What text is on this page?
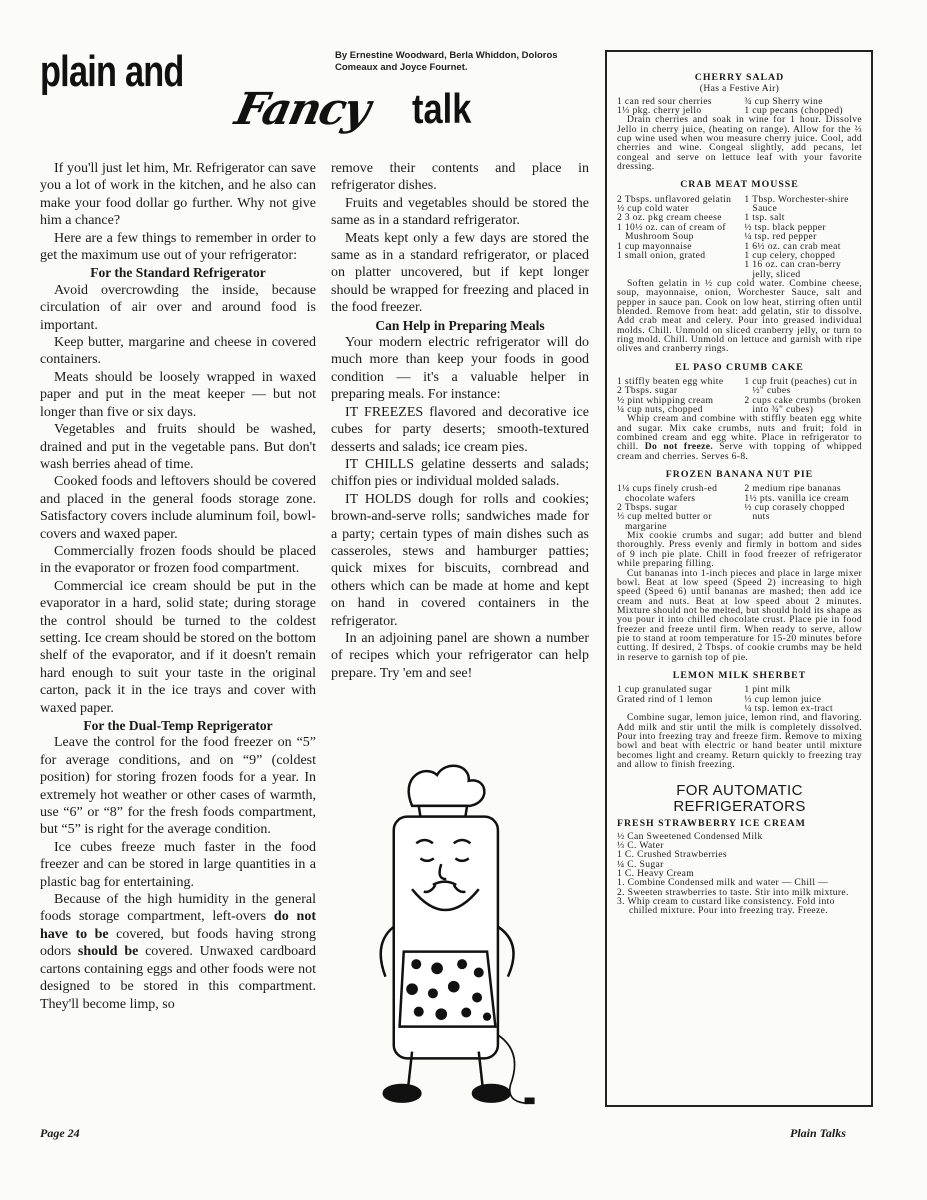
plain and
Fancy talk
By Ernestine Woodward, Berla Whiddon, Doloros Comeaux and Joyce Fournet.

If you'll just let him, Mr. Refrigerator can save you a lot of work in the kitchen, and he also can make your food dollar go further. Why not give him a chance?

Here are a few things to remember in order to get the maximum use out of your refrigerator:

For the Standard Refrigerator

Avoid overcrowding the inside, because circulation of air over and around food is important.

Keep butter, margarine and cheese in covered containers.

Meats should be loosely wrapped in waxed paper and put in the meat keeper — but not longer than five or six days.

Vegetables and fruits should be washed, drained and put in the vegetable pans. But don't wash berries ahead of time.

Cooked foods and leftovers should be covered and placed in the general foods storage zone. Satisfactory covers include aluminum foil, bowl-covers and waxed paper.

Commercially frozen foods should be placed in the evaporator or frozen food compartment.

Commercial ice cream should be put in the evaporator in a hard, solid state; during storage the control should be turned to the coldest setting. Ice cream should be stored on the bottom shelf of the evaporator, and if it doesn't remain hard enough to suit your taste in the original carton, pack it in the ice trays and cover with waxed paper.

For the Dual-Temp Reprigerator

Leave the control for the food freezer on “5” for average conditions, and on “9” (coldest position) for storing frozen foods for a year. In extremely hot weather or other cases of warmth, use “6” or “8” for the fresh foods compartment, but “5” is right for the average condition.

Ice cubes freeze much faster in the food freezer and can be stored in large quantities in a plastic bag for entertaining.

Because of the high humidity in the general foods storage compartment, left-overs do not have to be covered, but foods having strong odors should be covered. Unwaxed cardboard cartons containing eggs and other foods were not designed to be stored in this compartment. They'll become limp, so

remove their contents and place in refrigerator dishes.

Fruits and vegetables should be stored the same as in a standard refrigerator.

Meats kept only a few days are stored the same as in a standard refrigerator, or placed on platter uncovered, but if kept longer should be wrapped for freezing and placed in the food freezer.

Can Help in Preparing Meals

Your modern electric refrigerator will do much more than keep your foods in good condition — it's a valuable helper in preparing meals. For instance:

IT FREEZES flavored and decorative ice cubes for party deserts; smooth-textured desserts and salads; ice cream pies.

IT CHILLS gelatine desserts and salads; chiffon pies or individual molded salads.

IT HOLDS dough for rolls and cookies; brown-and-serve rolls; sandwiches made for a party; certain types of main dishes such as casseroles, stews and hamburger patties; quick mixes for biscuits, cornbread and others which can be made at home and kept on hand in covered containers in the refrigerator.

In an adjoining panel are shown a number of recipes which your refrigerator can help prepare. Try 'em and see!

CHERRY SALAD
(Has a Festive Air)
1 can red sour cherries
1⅓ pkg. cherry jello
¾ cup Sherry wine
1 cup pecans (chopped)

Drain cherries and soak in wine for 1 hour. Dissolve Jello in cherry juice, (heating on range). Allow for the ⅔ cup wine used when wou measure cherry juice. Cool, add cherries and wine. Congeal slightly, add pecans, let congeal and serve on lettuce leaf with your favorite dressing.

CRAB MEAT MOUSSE
2 Tbsps. unflavored gelatin
½ cup cold water
2 3 oz. pkg cream cheese
1 10½ oz. can of cream of Mushroom Soup
1 cup mayonnaise
1 small onion, grated
1 Tbsp. Worchester-shire Sauce
1 tsp. salt
½ tsp. black pepper
¼ tsp. red pepper
1 6½ oz. can crab meat
1 cup celery, chopped
1 16 oz. can cran-berry jelly, sliced

Soften gelatin in ½ cup cold water. Combine cheese, soup, mayonnaise, onion, Worchester Sauce, salt and pepper in sauce pan. Cook on low heat, stirring often until blended. Remove from heat: add gelatin, stir to dissolve. Add crab meat and celery. Pour into greased individual molds. Chill. Unmold on sliced cranberry jelly, or turn to ring mold. Chill. Unmold on lettuce and garnish with ripe olives and cranberry rings.

EL PASO CRUMB CAKE
1 stiffly beaten egg white
2 Tbsps. sugar
½ pint whipping cream
¼ cup nuts, chopped
1 cup fruit (peaches) cut in ½" cubes
2 cups cake crumbs (broken into ¾" cubes)

Whip cream and combine with stiffly beaten egg white and sugar. Mix cake crumbs, nuts and fruit; fold in combined cream and egg white. Place in refrigerator to chill. Do not freeze. Serve with topping of whipped cream and cherries. Serves 6-8.

FROZEN BANANA NUT PIE
1¼ cups finely crush-ed chocolate wafers
2 Tbsps. sugar
⅓ cup melted butter or margarine
2 medium ripe bananas
1½ pts. vanilla ice cream
½ cup corasely chopped nuts

Mix cookie crumbs and sugar; add butter and blend thoroughly. Press evenly and firmly in bottom and sides of 9 inch pie plate. Chill in food freezer of refrigerator while preparing filling.

Cut bananas into 1-inch pieces and place in large mixer bowl. Beat at low speed (Speed 2) increasing to high speed (Speed 6) until bananas are mashed; then add ice cream and nuts. Beat at low speed about 2 minutes. Mixture should not be melted, but should hold its shape as you pour it into chilled chocolate crust. Place pie in food freezer and freeze until firm. When ready to serve, allow pie to stand at room temperature for 15-20 minutes before cutting. If desired, 2 Tbsps. of cookie crumbs may be held in reserve to garnish top of pie.

LEMON MILK SHERBET
1 cup granulated sugar
Grated rind of 1 lemon
1 pint milk
⅓ cup lemon juice
¼ tsp. lemon ex-tract

Combine sugar, lemon juice, lemon rind, and flavoring. Add milk and stir until the milk is completely dissolved. Pour into freezing tray and freeze firm. Remove to mixing bowl and beat with electric or hand beater until mixture becomes light and creamy. Return quickly to freezing tray and allow to finish freezing.

FOR AUTOMATIC REFRIGERATORS
FRESH STRAWBERRY ICE CREAM
½ Can Sweetened Condensed Milk
⅓ C. Water
1 C. Crushed Strawberries
¼ C. Sugar
1 C. Heavy Cream
1. Combine Condensed milk and water — Chill —
2. Sweeten strawberries to taste. Stir into milk mixture.
3. Whip cream to custard like consistency. Fold into chilled mixture. Pour into freezing tray. Freeze.
Page 24	Plain Talks
